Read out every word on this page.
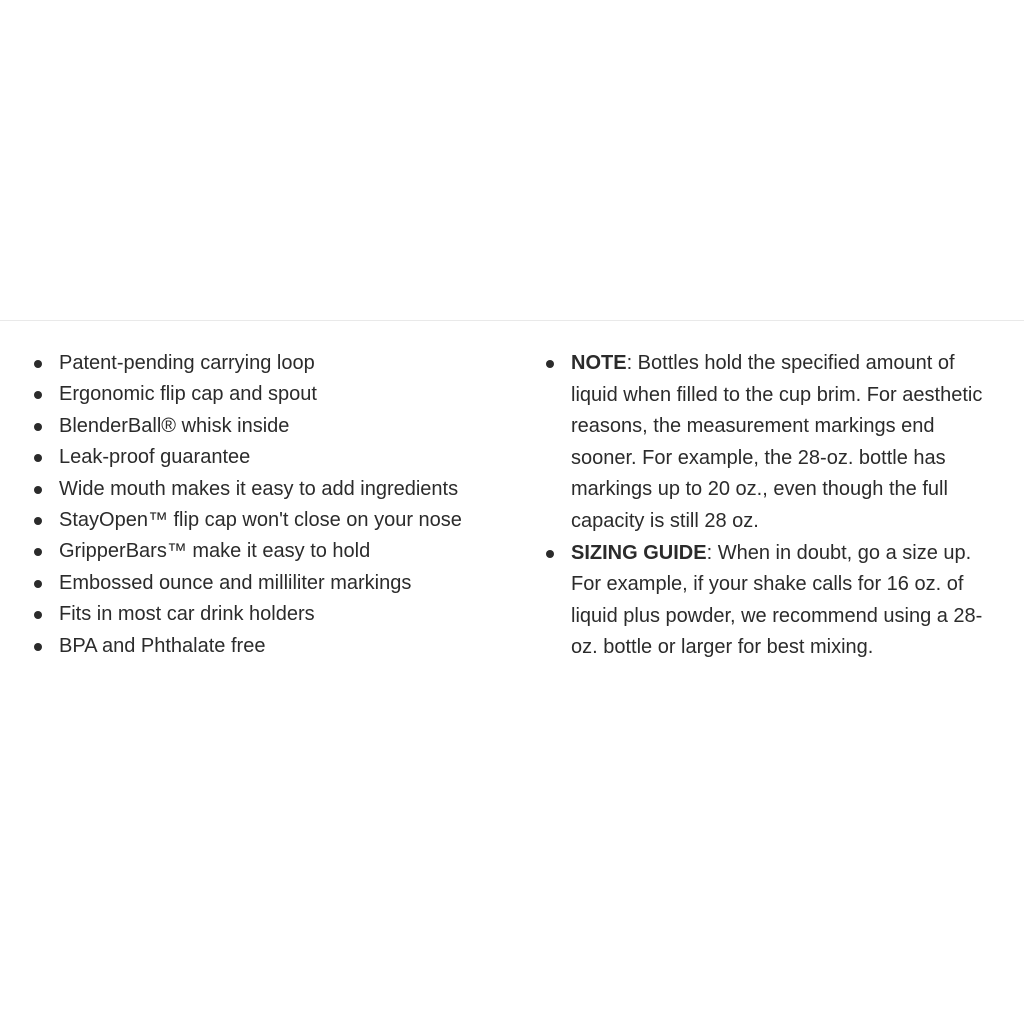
Patent-pending carrying loop
Ergonomic flip cap and spout
BlenderBall® whisk inside
Leak-proof guarantee
Wide mouth makes it easy to add ingredients
StayOpen™ flip cap won't close on your nose
GripperBars™ make it easy to hold
Embossed ounce and milliliter markings
Fits in most car drink holders
BPA and Phthalate free
NOTE: Bottles hold the specified amount of liquid when filled to the cup brim. For aesthetic reasons, the measurement markings end sooner. For example, the 28-oz. bottle has markings up to 20 oz., even though the full capacity is still 28 oz.
SIZING GUIDE: When in doubt, go a size up. For example, if your shake calls for 16 oz. of liquid plus powder, we recommend using a 28-oz. bottle or larger for best mixing.
